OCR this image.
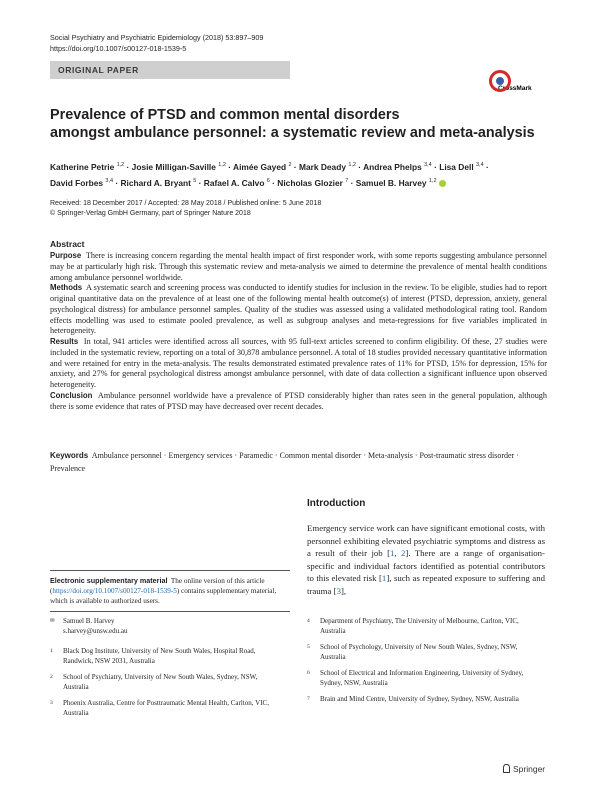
Social Psychiatry and Psychiatric Epidemiology (2018) 53:897–909
https://doi.org/10.1007/s00127-018-1539-5
ORIGINAL PAPER
CrossMark
Prevalence of PTSD and common mental disorders
amongst ambulance personnel: a systematic review and meta-analysis
Katherine Petrie $^{1,2}$ · Josie Milligan-Saville $^{1,2}$ · Aimée Gayed $^2$ · Mark Deady $^{1,2}$ · Andrea Phelps $^{3,4}$ · Lisa Dell $^{3,4}$ ·
David Forbes $^{3,4}$ · Richard A. Bryant $^5$ · Rafael A. Calvo $^6$ · Nicholas Glozier $^7$ · Samuel B. Harvey $^{1,2}$
Received: 18 December 2017 / Accepted: 28 May 2018 / Published online: 5 June 2018
© Springer-Verlag GmbH Germany, part of Springer Nature 2018
Abstract

Purpose There is increasing concern regarding the mental health impact of first responder work, with some reports suggesting ambulance personnel may be at particularly high risk. Through this systematic review and meta-analysis we aimed to determine the prevalence of mental health conditions among ambulance personnel worldwide.

Methods A systematic search and screening process was conducted to identify studies for inclusion in the review. To be eligible, studies had to report original quantitative data on the prevalence of at least one of the following mental health outcome(s) of interest (PTSD, depression, anxiety, general psychological distress) for ambulance personnel samples. Quality of the studies was assessed using a validated methodological rating tool. Random effects modelling was used to estimate pooled prevalence, as well as subgroup analyses and meta-regressions for five variables implicated in heterogeneity.

Results In total, 941 articles were identified across all sources, with 95 full-text articles screened to confirm eligibility. Of these, 27 studies were included in the systematic review, reporting on a total of 30,878 ambulance personnel. A total of 18 studies provided necessary quantitative information and were retained for entry in the meta-analysis. The results demonstrated estimated prevalence rates of 11% for PTSD, 15% for depression, 15% for anxiety, and 27% for general psychological distress amongst ambulance personnel, with date of data collection a significant influence upon observed heterogeneity.

Conclusion Ambulance personnel worldwide have a prevalence of PTSD considerably higher than rates seen in the general population, although there is some evidence that rates of PTSD may have decreased over recent decades.

Keywords Ambulance personnel · Emergency services · Paramedic · Common mental disorder · Meta-analysis · Post-traumatic stress disorder · Prevalence
Introduction
Emergency service work can have significant emotional costs, with personnel exhibiting elevated psychiatric symptoms and distress as a result of their job [1, 2]. There are a range of organisation-specific and individual factors identified as potential contributors to this elevated risk [1], such as repeated exposure to suffering and trauma [3],
Electronic supplementary material The online version of this article (https://doi.org/10.1007/s00127-018-1539-5) contains supplementary material, which is available to authorized users.
✉ Samuel B. Harvey
s.harvey@unsw.edu.au
1 Black Dog Institute, University of New South Wales, Hospital Road, Randwick, NSW 2031, Australia
2 School of Psychiatry, University of New South Wales, Sydney, NSW, Australia
3 Phoenix Australia, Centre for Posttraumatic Mental Health, Carlton, VIC, Australia
4 Department of Psychiatry, The University of Melbourne, Carlton, VIC, Australia
5 School of Psychology, University of New South Wales, Sydney, NSW, Australia
6 School of Electrical and Information Engineering, University of Sydney, Sydney, NSW, Australia
7 Brain and Mind Centre, University of Sydney, Sydney, NSW, Australia
Springer
